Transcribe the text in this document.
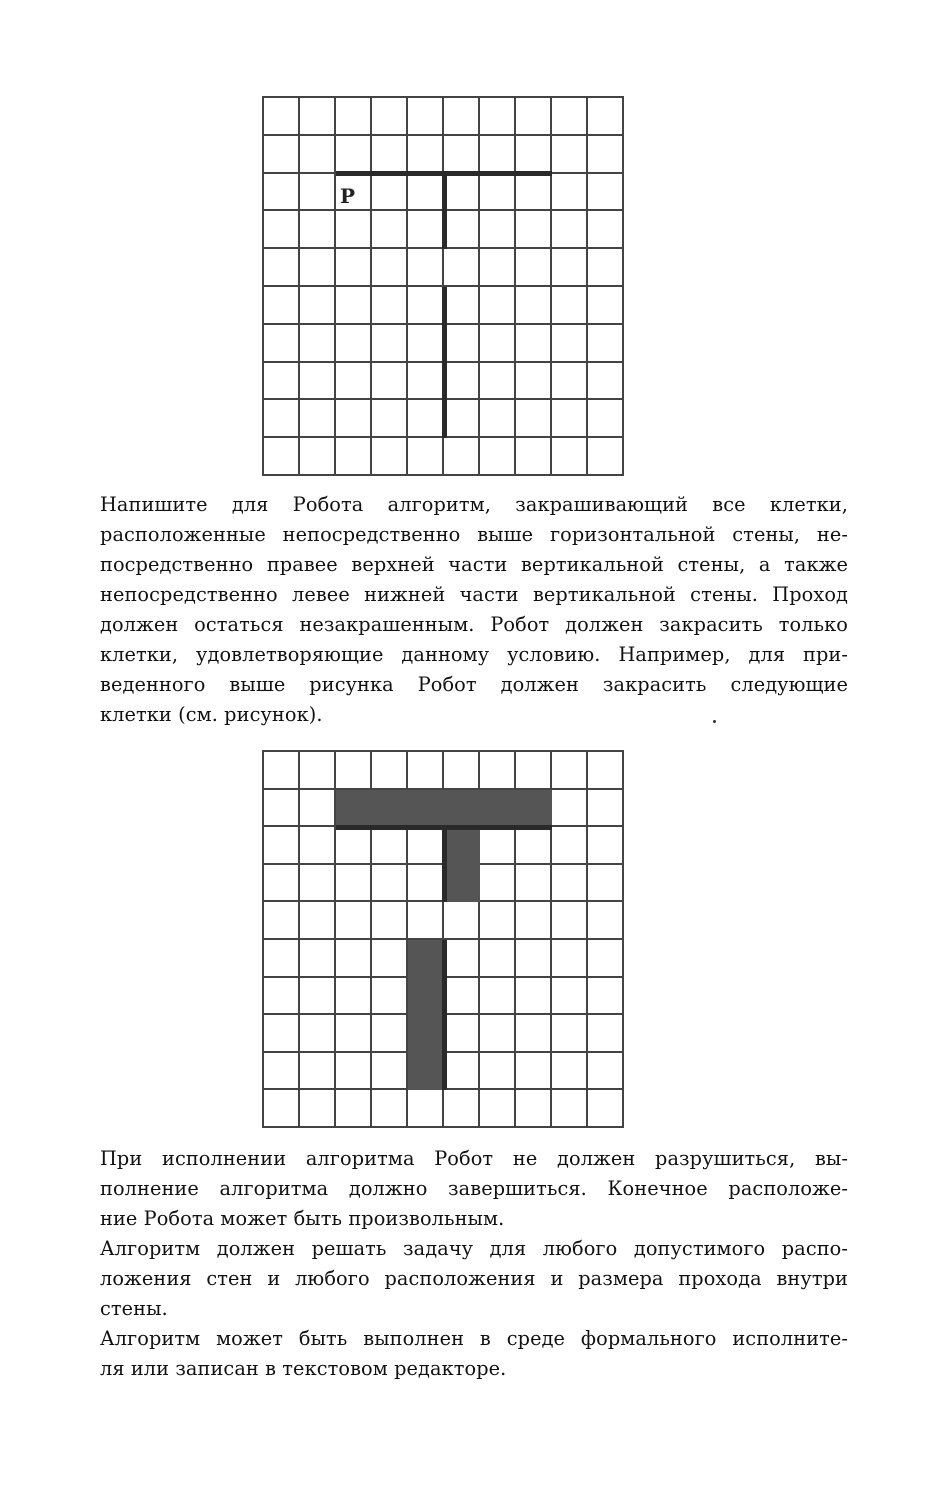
P

Напишите для Робота алгоритм, закрашивающий все клетки,
расположенные непосредственно выше горизонтальной стены, не-
посредственно правее верхней части вертикальной стены, а также
непосредственно левее нижней части вертикальной стены. Проход
должен остаться незакрашенным. Робот должен закрасить только
клетки, удовлетворяющие данному условию. Например, для при-
веденного выше рисунка Робот должен закрасить следующие
клетки (см. рисунок).

При исполнении алгоритма Робот не должен разрушиться, вы-
полнение алгоритма должно завершиться. Конечное расположе-
ние Робота может быть произвольным.

Алгоритм должен решать задачу для любого допустимого распо-
ложения стен и любого расположения и размера прохода внутри
стены.

Алгоритм может быть выполнен в среде формального исполните-
ля или записан в текстовом редакторе.
